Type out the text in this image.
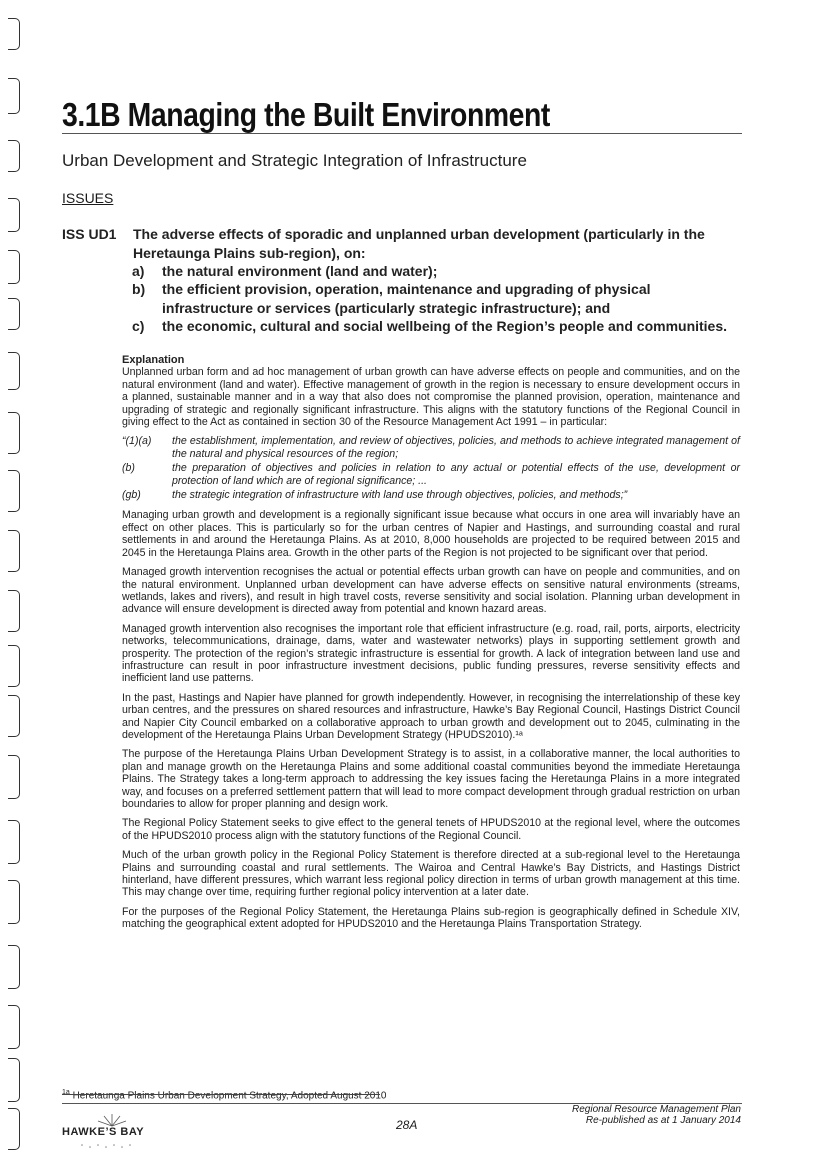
3.1B Managing the Built Environment
Urban Development and Strategic Integration of Infrastructure
ISSUES
ISS UD1 The adverse effects of sporadic and unplanned urban development (particularly in the Heretaunga Plains sub-region), on:
a)	the natural environment (land and water);
b)	the efficient provision, operation, maintenance and upgrading of physical infrastructure or services (particularly strategic infrastructure); and
c)	the economic, cultural and social wellbeing of the Region’s people and communities.
Explanation

Unplanned urban form and ad hoc management of urban growth can have adverse effects on people and communities, and on the natural environment (land and water). Effective management of growth in the region is necessary to ensure development occurs in a planned, sustainable manner and in a way that also does not compromise the planned provision, operation, maintenance and upgrading of strategic and regionally significant infrastructure. This aligns with the statutory functions of the Regional Council in giving effect to the Act as contained in section 30 of the Resource Management Act 1991 – in particular:

“(1)(a) the establishment, implementation, and review of objectives, policies, and methods to achieve integrated management of the natural and physical resources of the region;
(b)	the preparation of objectives and policies in relation to any actual or potential effects of the use, development or protection of land which are of regional significance; ...
(gb)	the strategic integration of infrastructure with land use through objectives, policies, and methods;”

Managing urban growth and development is a regionally significant issue because what occurs in one area will invariably have an effect on other places. This is particularly so for the urban centres of Napier and Hastings, and surrounding coastal and rural settlements in and around the Heretaunga Plains. As at 2010, 8,000 households are projected to be required between 2015 and 2045 in the Heretaunga Plains area. Growth in the other parts of the Region is not projected to be significant over that period.

Managed growth intervention recognises the actual or potential effects urban growth can have on people and communities, and on the natural environment. Unplanned urban development can have adverse effects on sensitive natural environments (streams, wetlands, lakes and rivers), and result in high travel costs, reverse sensitivity and social isolation. Planning urban development in advance will ensure development is directed away from potential and known hazard areas.

Managed growth intervention also recognises the important role that efficient infrastructure (e.g. road, rail, ports, airports, electricity networks, telecommunications, drainage, dams, water and wastewater networks) plays in supporting settlement growth and prosperity. The protection of the region’s strategic infrastructure is essential for growth. A lack of integration between land use and infrastructure can result in poor infrastructure investment decisions, public funding pressures, reverse sensitivity effects and inefficient land use patterns.

In the past, Hastings and Napier have planned for growth independently. However, in recognising the interrelationship of these key urban centres, and the pressures on shared resources and infrastructure, Hawke’s Bay Regional Council, Hastings District Council and Napier City Council embarked on a collaborative approach to urban growth and development out to 2045, culminating in the development of the Heretaunga Plains Urban Development Strategy (HPUDS2010).¹ᵃ

The purpose of the Heretaunga Plains Urban Development Strategy is to assist, in a collaborative manner, the local authorities to plan and manage growth on the Heretaunga Plains and some additional coastal communities beyond the immediate Heretaunga Plains. The Strategy takes a long-term approach to addressing the key issues facing the Heretaunga Plains in a more integrated way, and focuses on a preferred settlement pattern that will lead to more compact development through gradual restriction on urban boundaries to allow for proper planning and design work.

The Regional Policy Statement seeks to give effect to the general tenets of HPUDS2010 at the regional level, where the outcomes of the HPUDS2010 process align with the statutory functions of the Regional Council.

Much of the urban growth policy in the Regional Policy Statement is therefore directed at a sub-regional level to the Heretaunga Plains and surrounding coastal and rural settlements. The Wairoa and Central Hawke’s Bay Districts, and Hastings District hinterland, have different pressures, which warrant less regional policy direction in terms of urban growth management at this time. This may change over time, requiring further regional policy intervention at a later date.

For the purposes of the Regional Policy Statement, the Heretaunga Plains sub-region is geographically defined in Schedule XIV, matching the geographical extent adopted for HPUDS2010 and the Heretaunga Plains Transportation Strategy.

$^{1a}$ Heretaunga Plains Urban Development Strategy, Adopted August 2010
HAWKE’S BAY	28A
Regional Resource Management Plan
Re-published as at 1 January 2014
